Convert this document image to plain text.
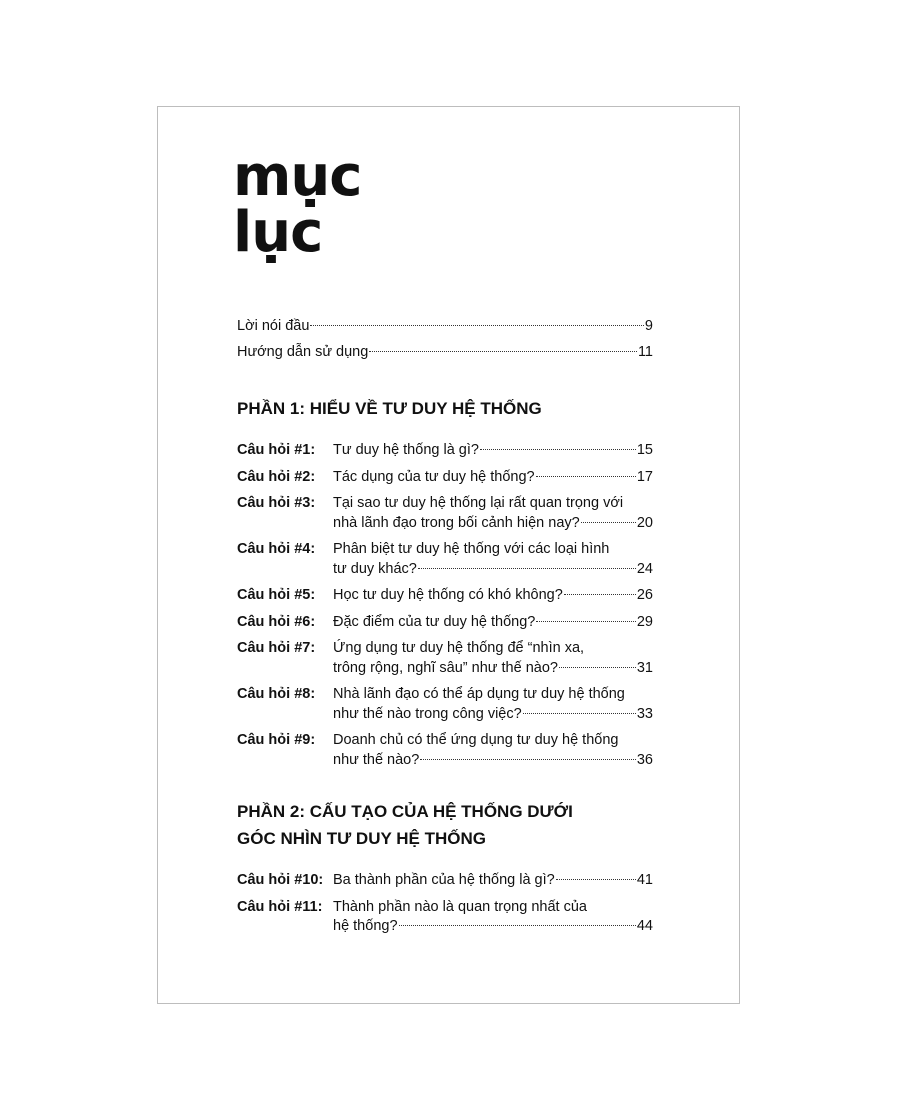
mục
lục
Lời nói đầu	9
Hướng dẫn sử dụng	11
PHẦN 1: HIỂU VỀ TƯ DUY HỆ THỐNG
Câu hỏi #1:	Tư duy hệ thống là gì?	15
Câu hỏi #2:	Tác dụng của tư duy hệ thống?	17
Câu hỏi #3:	Tại sao tư duy hệ thống lại rất quan trọng với
nhà lãnh đạo trong bối cảnh hiện nay?	20
Câu hỏi #4:	Phân biệt tư duy hệ thống với các loại hình
tư duy khác?	24
Câu hỏi #5:	Học tư duy hệ thống có khó không?	26
Câu hỏi #6:	Đặc điểm của tư duy hệ thống?	29
Câu hỏi #7:	Ứng dụng tư duy hệ thống để “nhìn xa,
trông rộng, nghĩ sâu” như thế nào?	31
Câu hỏi #8:	Nhà lãnh đạo có thể áp dụng tư duy hệ thống
như thế nào trong công việc?	33
Câu hỏi #9:	Doanh chủ có thể ứng dụng tư duy hệ thống
như thế nào?	36
PHẦN 2: CẤU TẠO CỦA HỆ THỐNG DƯỚI
GÓC NHÌN TƯ DUY HỆ THỐNG
Câu hỏi #10: Ba thành phần của hệ thống là gì?	41
Câu hỏi #11: Thành phần nào là quan trọng nhất của
hệ thống?	44
